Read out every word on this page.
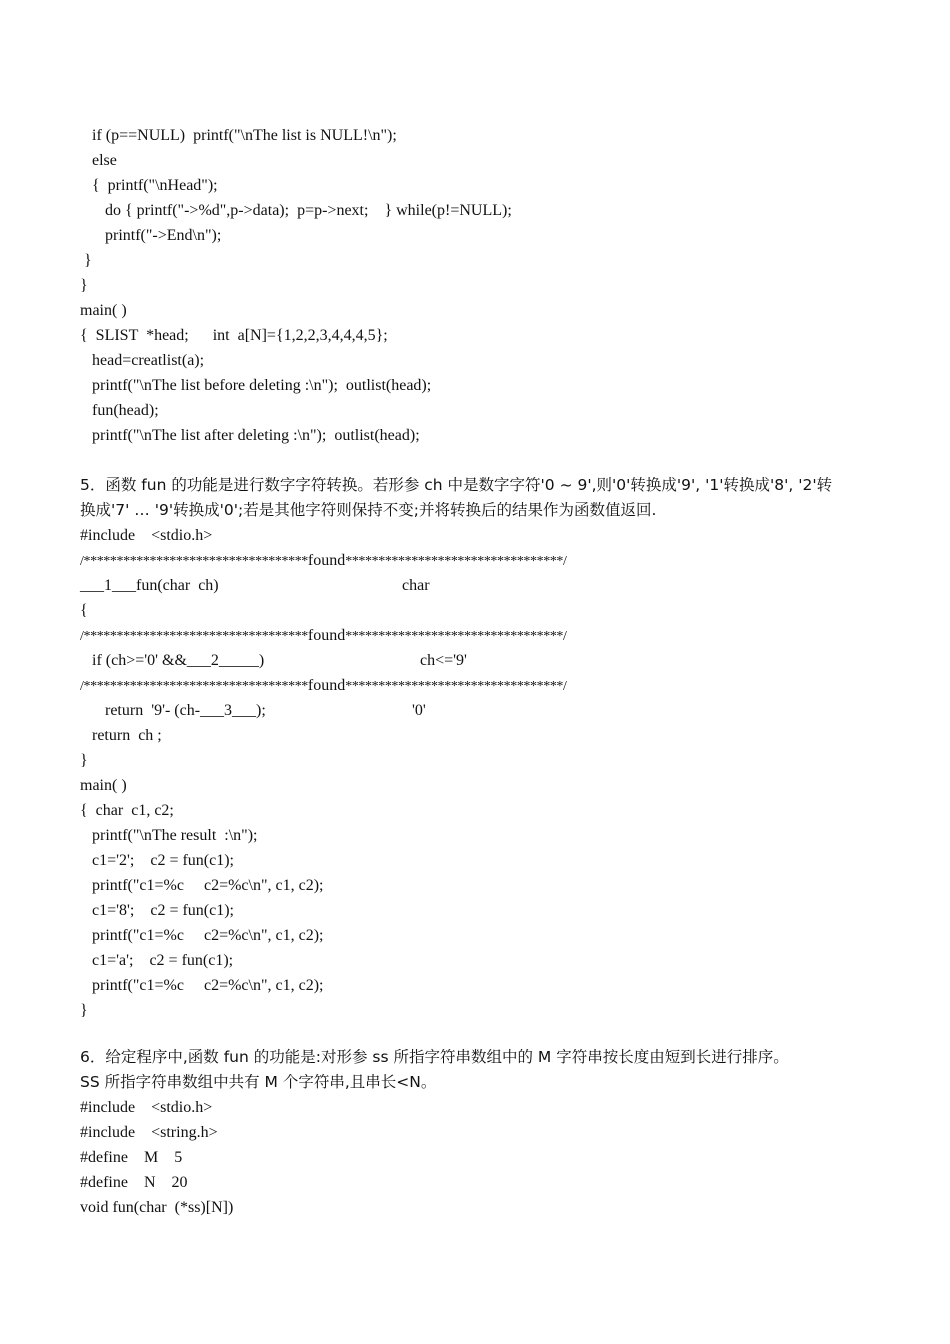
if (p==NULL)  printf("\nThe list is NULL!\n");
else
{  printf("\nHead");
do { printf("->%d",p->data);  p=p->next;    } while(p!=NULL);
printf("->End\n");
}
}
main( )
{  SLIST  *head;      int  a[N]={1,2,2,3,4,4,4,5};
head=creatlist(a);
printf("\nThe list before deleting :\n");  outlist(head);
fun(head);
printf("\nThe list after deleting :\n");  outlist(head);
5．函数 fun 的功能是进行数字字符转换。若形参 ch 中是数字字符'0 ~ 9',则'0'转换成'9', '1'转换成'8', '2'转
换成'7' … '9'转换成'0';若是其他字符则保持不变;并将转换后的结果作为函数值返回.
#include    <stdio.h>
/**********************************found*********************************/
___1___fun(char  ch)	char
{
/**********************************found*********************************/
if (ch>='0' &&___2_____)	ch<='9'
/**********************************found*********************************/
return  '9'- (ch-___3___);	'0'
return  ch ;
}
main( )
{  char  c1, c2;
printf("\nThe result  :\n");
c1='2';    c2 = fun(c1);
printf("c1=%c     c2=%c\n", c1, c2);
c1='8';    c2 = fun(c1);
printf("c1=%c     c2=%c\n", c1, c2);
c1='a';    c2 = fun(c1);
printf("c1=%c     c2=%c\n", c1, c2);
}
6．给定程序中,函数 fun 的功能是:对形参 ss 所指字符串数组中的 M 字符串按长度由短到长进行排序。
SS 所指字符串数组中共有 M 个字符串,且串长<N。
#include    <stdio.h>
#include    <string.h>
#define    M    5
#define    N    20
void fun(char  (*ss)[N])
